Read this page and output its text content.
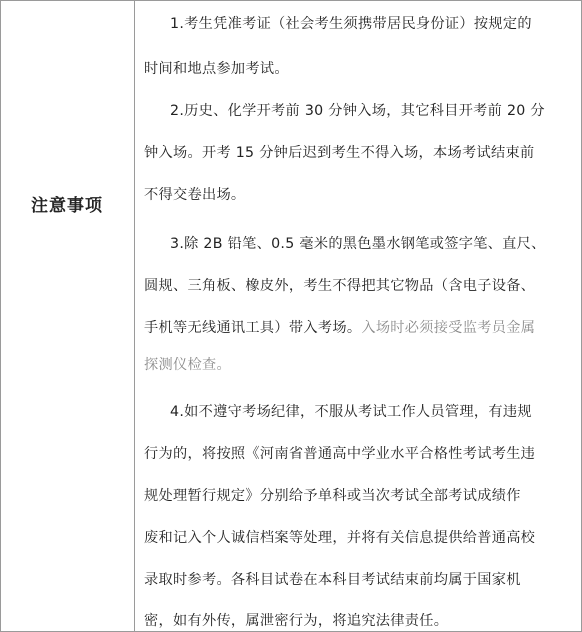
注意事项
1.考生凭准考证（社会考生须携带居民身份证）按规定的
时间和地点参加考试。
2.历史、化学开考前 30 分钟入场，其它科目开考前 20 分
钟入场。开考 15 分钟后迟到考生不得入场，本场考试结束前
不得交卷出场。
3.除 2B 铅笔、0.5 毫米的黑色墨水钢笔或签字笔、直尺、
圆规、三角板、橡皮外，考生不得把其它物品（含电子设备、
手机等无线通讯工具）带入考场。入场时必须接受监考员金属
探测仪检查。
4.如不遵守考场纪律，不服从考试工作人员管理，有违规
行为的，将按照《河南省普通高中学业水平合格性考试考生违
规处理暂行规定》分别给予单科或当次考试全部考试成绩作
废和记入个人诚信档案等处理，并将有关信息提供给普通高校
录取时参考。各科目试卷在本科目考试结束前均属于国家机
密，如有外传，属泄密行为，将追究法律责任。
